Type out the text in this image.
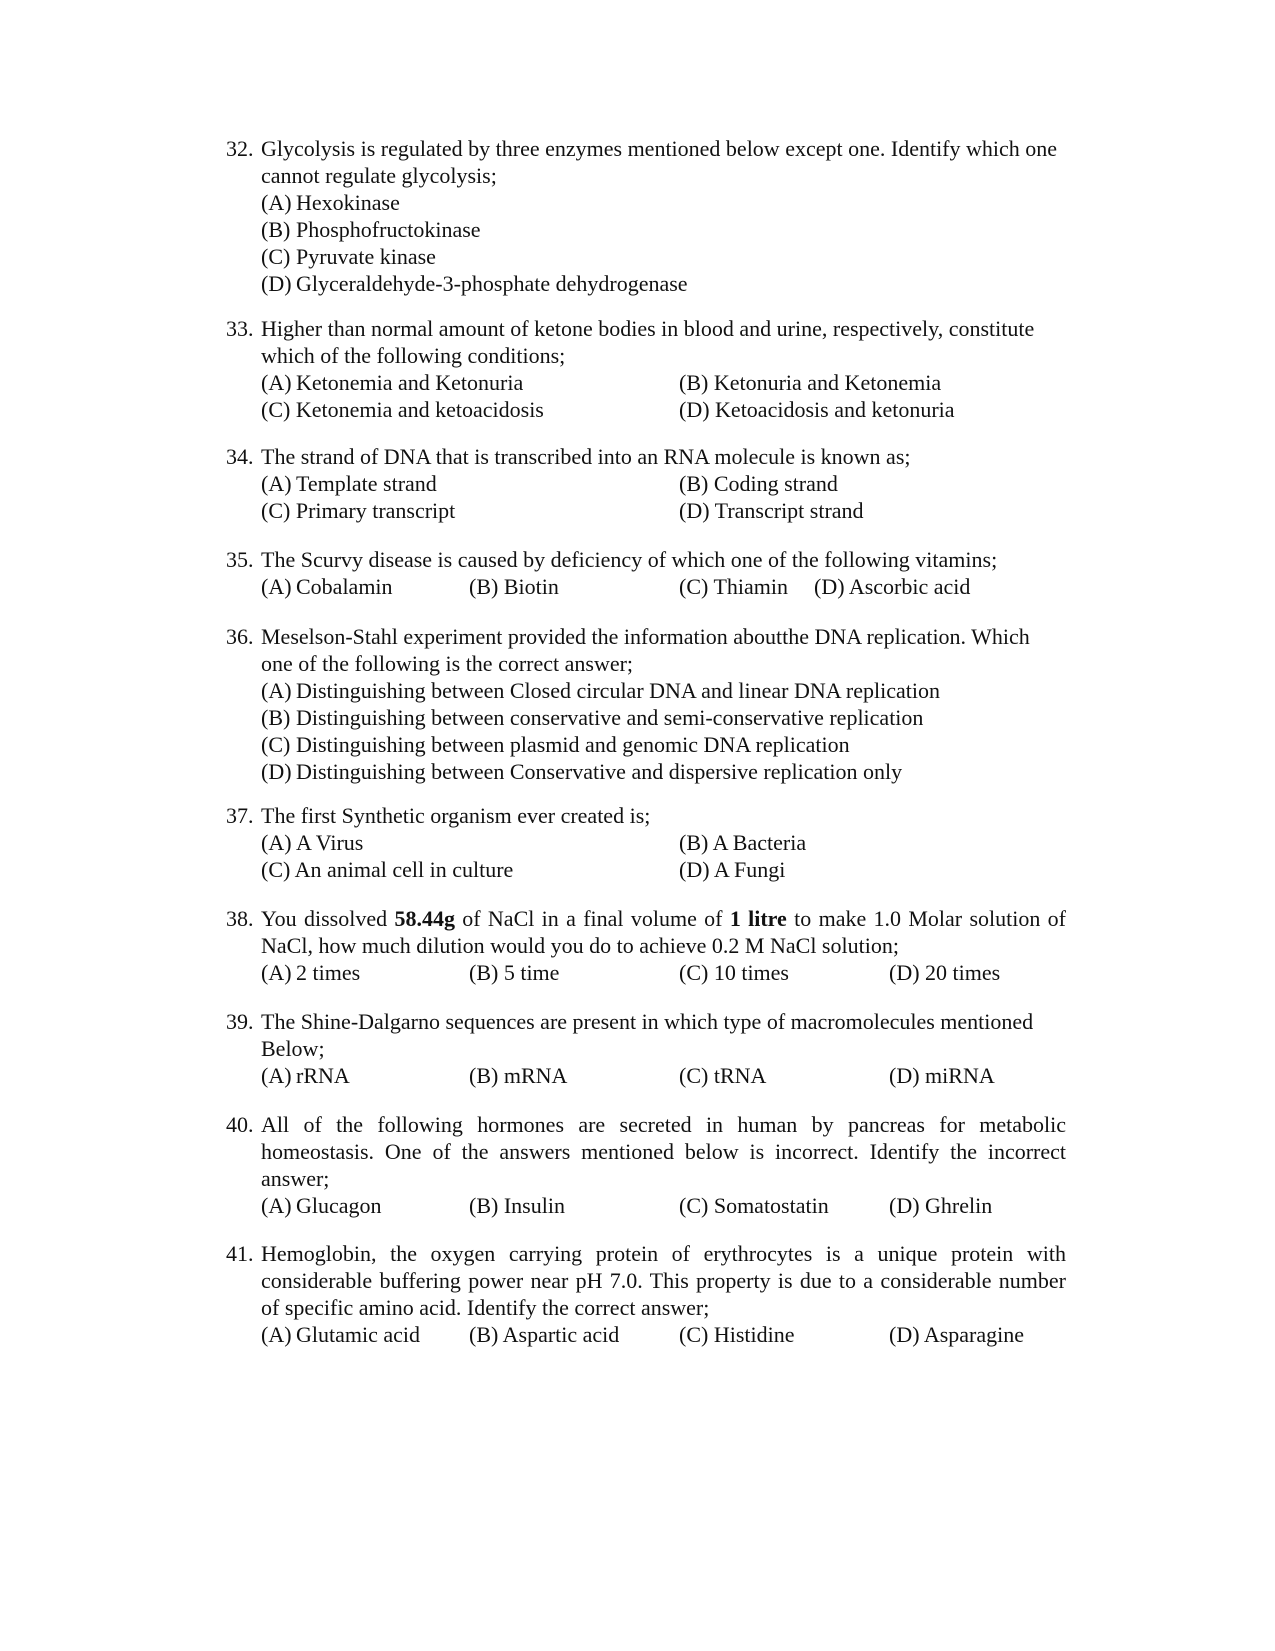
32. Glycolysis is regulated by three enzymes mentioned below except one. Identify which one cannot regulate glycolysis;
(A) Hexokinase
(B) Phosphofructokinase
(C) Pyruvate kinase
(D) Glyceraldehyde-3-phosphate dehydrogenase
33. Higher than normal amount of ketone bodies in blood and urine, respectively, constitute which of the following conditions;
(A) Ketonemia and Ketonuria	(B) Ketonuria and Ketonemia
(C) Ketonemia and ketoacidosis	(D) Ketoacidosis and ketonuria
34. The strand of DNA that is transcribed into an RNA molecule is known as;
(A) Template strand	(B) Coding strand
(C) Primary transcript	(D) Transcript strand
35. The Scurvy disease is caused by deficiency of which one of the following vitamins;
(A) Cobalamin	(B) Biotin	(C) Thiamin (D) Ascorbic acid
36. Meselson-Stahl experiment provided the information aboutthe DNA replication. Which one of the following is the correct answer;
(A) Distinguishing between Closed circular DNA and linear DNA replication
(B) Distinguishing between conservative and semi-conservative replication
(C) Distinguishing between plasmid and genomic DNA replication
(D) Distinguishing between Conservative and dispersive replication only
37. The first Synthetic organism ever created is;
(A) A Virus	(B) A Bacteria
(C) An animal cell in culture	(D) A Fungi
38. You dissolved 58.44g of NaCl in a final volume of 1 litre to make 1.0 Molar solution of NaCl, how much dilution would you do to achieve 0.2 M NaCl solution;
(A) 2 times	(B) 5 time	(C) 10 times	(D) 20 times
39. The Shine-Dalgarno sequences are present in which type of macromolecules mentioned Below;
(A) rRNA	(B) mRNA	(C) tRNA	(D) miRNA
40. All of the following hormones are secreted in human by pancreas for metabolic homeostasis. One of the answers mentioned below is incorrect. Identify the incorrect answer;
(A) Glucagon	(B) Insulin	(C) Somatostatin	(D) Ghrelin
41. Hemoglobin, the oxygen carrying protein of erythrocytes is a unique protein with considerable buffering power near pH 7.0. This property is due to a considerable number of specific amino acid. Identify the correct answer;
(A) Glutamic acid (B) Aspartic acid	(C) Histidine	(D) Asparagine
